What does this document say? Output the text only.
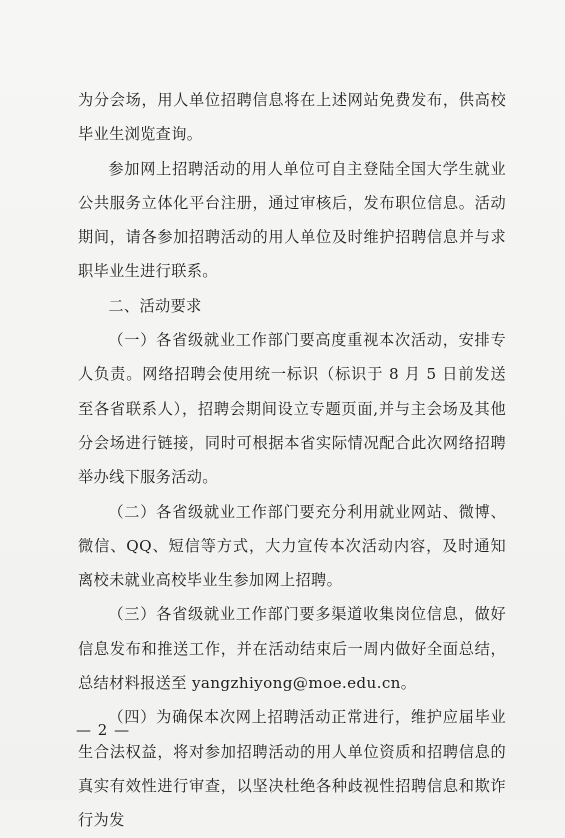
为分会场，用人单位招聘信息将在上述网站免费发布，供高校毕业生浏览查询。

参加网上招聘活动的用人单位可自主登陆全国大学生就业公共服务立体化平台注册，通过审核后，发布职位信息。活动期间，请各参加招聘活动的用人单位及时维护招聘信息并与求职毕业生进行联系。

二、活动要求

（一）各省级就业工作部门要高度重视本次活动，安排专人负责。网络招聘会使用统一标识（标识于 8 月 5 日前发送至各省联系人），招聘会期间设立专题页面,并与主会场及其他分会场进行链接，同时可根据本省实际情况配合此次网络招聘举办线下服务活动。

（二）各省级就业工作部门要充分利用就业网站、微博、微信、QQ、短信等方式，大力宣传本次活动内容，及时通知离校未就业高校毕业生参加网上招聘。

（三）各省级就业工作部门要多渠道收集岗位信息，做好信息发布和推送工作，并在活动结束后一周内做好全面总结，总结材料报送至 yangzhiyong@moe.edu.cn。

（四）为确保本次网上招聘活动正常进行，维护应届毕业生合法权益，将对参加招聘活动的用人单位资质和招聘信息的真实有效性进行审查，以坚决杜绝各种歧视性招聘信息和欺诈行为发

— 2 —
